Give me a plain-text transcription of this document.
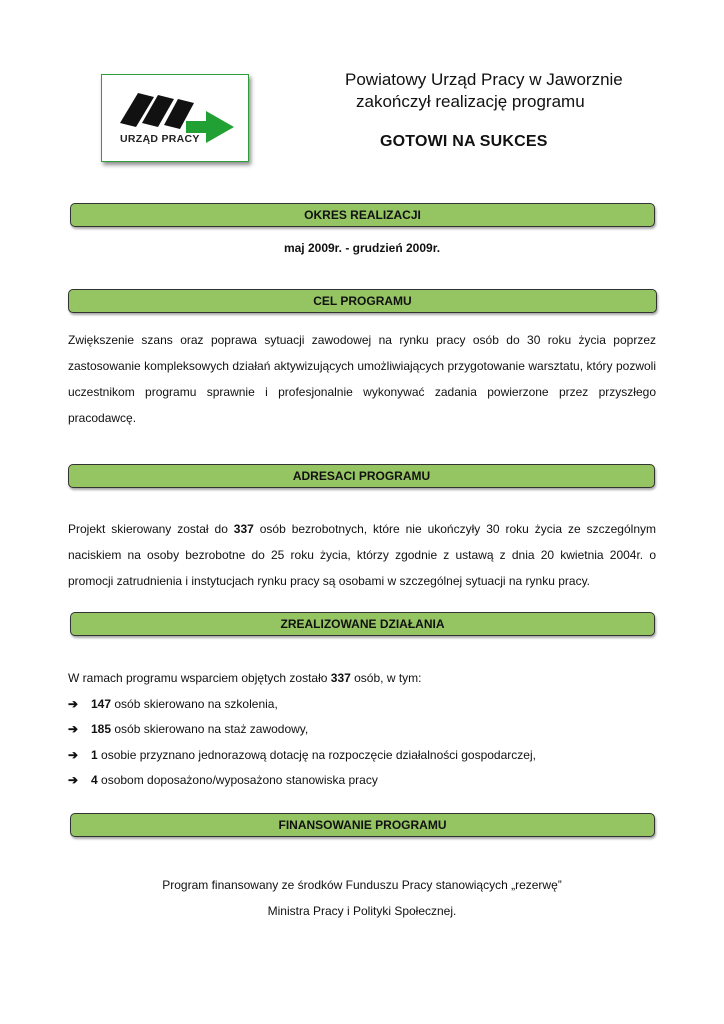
URZĄD PRACY
Powiatowy Urząd Pracy w Jaworznie
zakończył realizację programu
GOTOWI NA SUKCES
OKRES REALIZACJI
maj 2009r. - grudzień 2009r.
CEL PROGRAMU
Zwiększenie szans oraz poprawa sytuacji zawodowej na rynku pracy osób do 30 roku życia poprzez zastosowanie kompleksowych działań aktywizujących umożliwiających przygotowanie warsztatu, który pozwoli uczestnikom programu sprawnie i profesjonalnie wykonywać zadania powierzone przez przyszłego pracodawcę.
ADRESACI PROGRAMU
Projekt skierowany został do 337 osób bezrobotnych, które nie ukończyły 30 roku życia ze szczególnym naciskiem na osoby bezrobotne do 25 roku życia, którzy zgodnie z ustawą z dnia 20 kwietnia 2004r. o promocji zatrudnienia i instytucjach rynku pracy są osobami w szczególnej sytuacji na rynku pracy.
ZREALIZOWANE DZIAŁANIA
W ramach programu wsparciem objętych zostało 337 osób, w tym:
➔ 147 osób skierowano na szkolenia,
➔ 185 osób skierowano na staż zawodowy,
➔ 1 osobie przyznano jednorazową dotację na rozpoczęcie działalności gospodarczej,
➔ 4 osobom doposażono/wyposażono stanowiska pracy
FINANSOWANIE PROGRAMU
Program finansowany ze środków Funduszu Pracy stanowiących „rezerwę”
Ministra Pracy i Polityki Społecznej.
